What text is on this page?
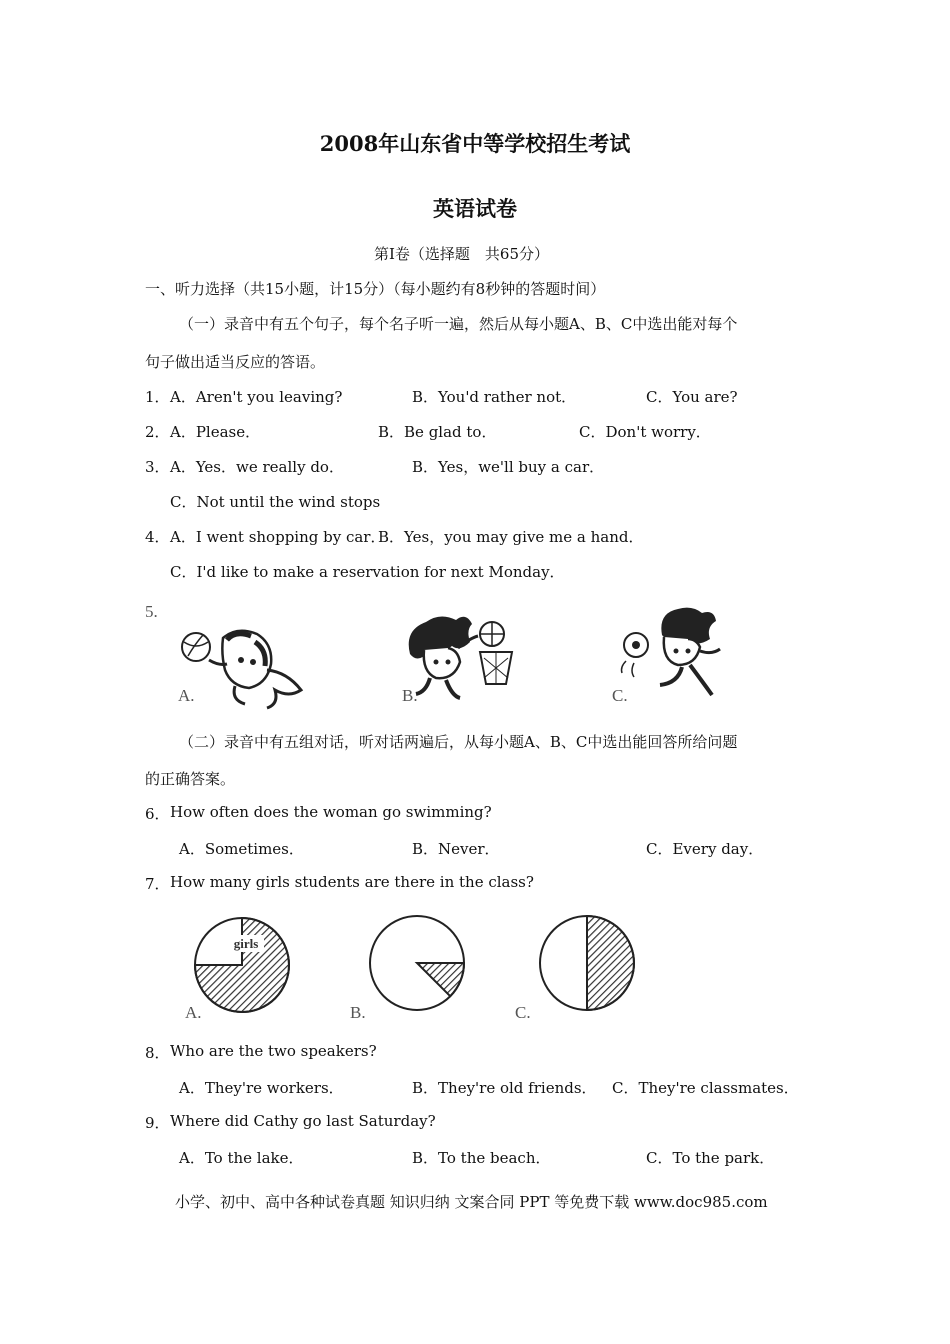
2008年山东省中等学校招生考试
英语试卷
第Ⅰ卷（选择题　共65分）
一、听力选择（共15小题，计15分）（每小题约有8秒钟的答题时间）
（一）录音中有五个句子，每个名子听一遍，然后从每小题A、B、C中选出能对每个
句子做出适当反应的答语。
1． A．Aren't you leaving?	B．You'd rather not．	C．You are?
2． A．Please．	B．Be glad to．	C．Don't worry．
3． A．Yes．we really do．	B．Yes，we'll buy a car．
C．Not until the wind stops
4． A．I went shopping by car．
B．Yes，you may give me a hand．
C．I'd like to make a reservation for next Monday．
5.
A.	B.	C.
（二）录音中有五组对话，听对话两遍后，从每小题A、B、C中选出能回答所给问题
的正确答案。
6． How often does the woman go swimming?
A．Sometimes．	B．Never．	C．Every day．
7． How many girls students are there in the class?
girls
A.	B.	C.
8． Who are the two speakers?
A．They're workers．	B．They're old friends． C．They're classmates．
9． Where did Cathy go last Saturday?
A．To the lake．	B．To the beach．	C．To the park．
小学、初中、高中各种试卷真题 知识归纳 文案合同 PPT 等免费下载 www.doc985.com
